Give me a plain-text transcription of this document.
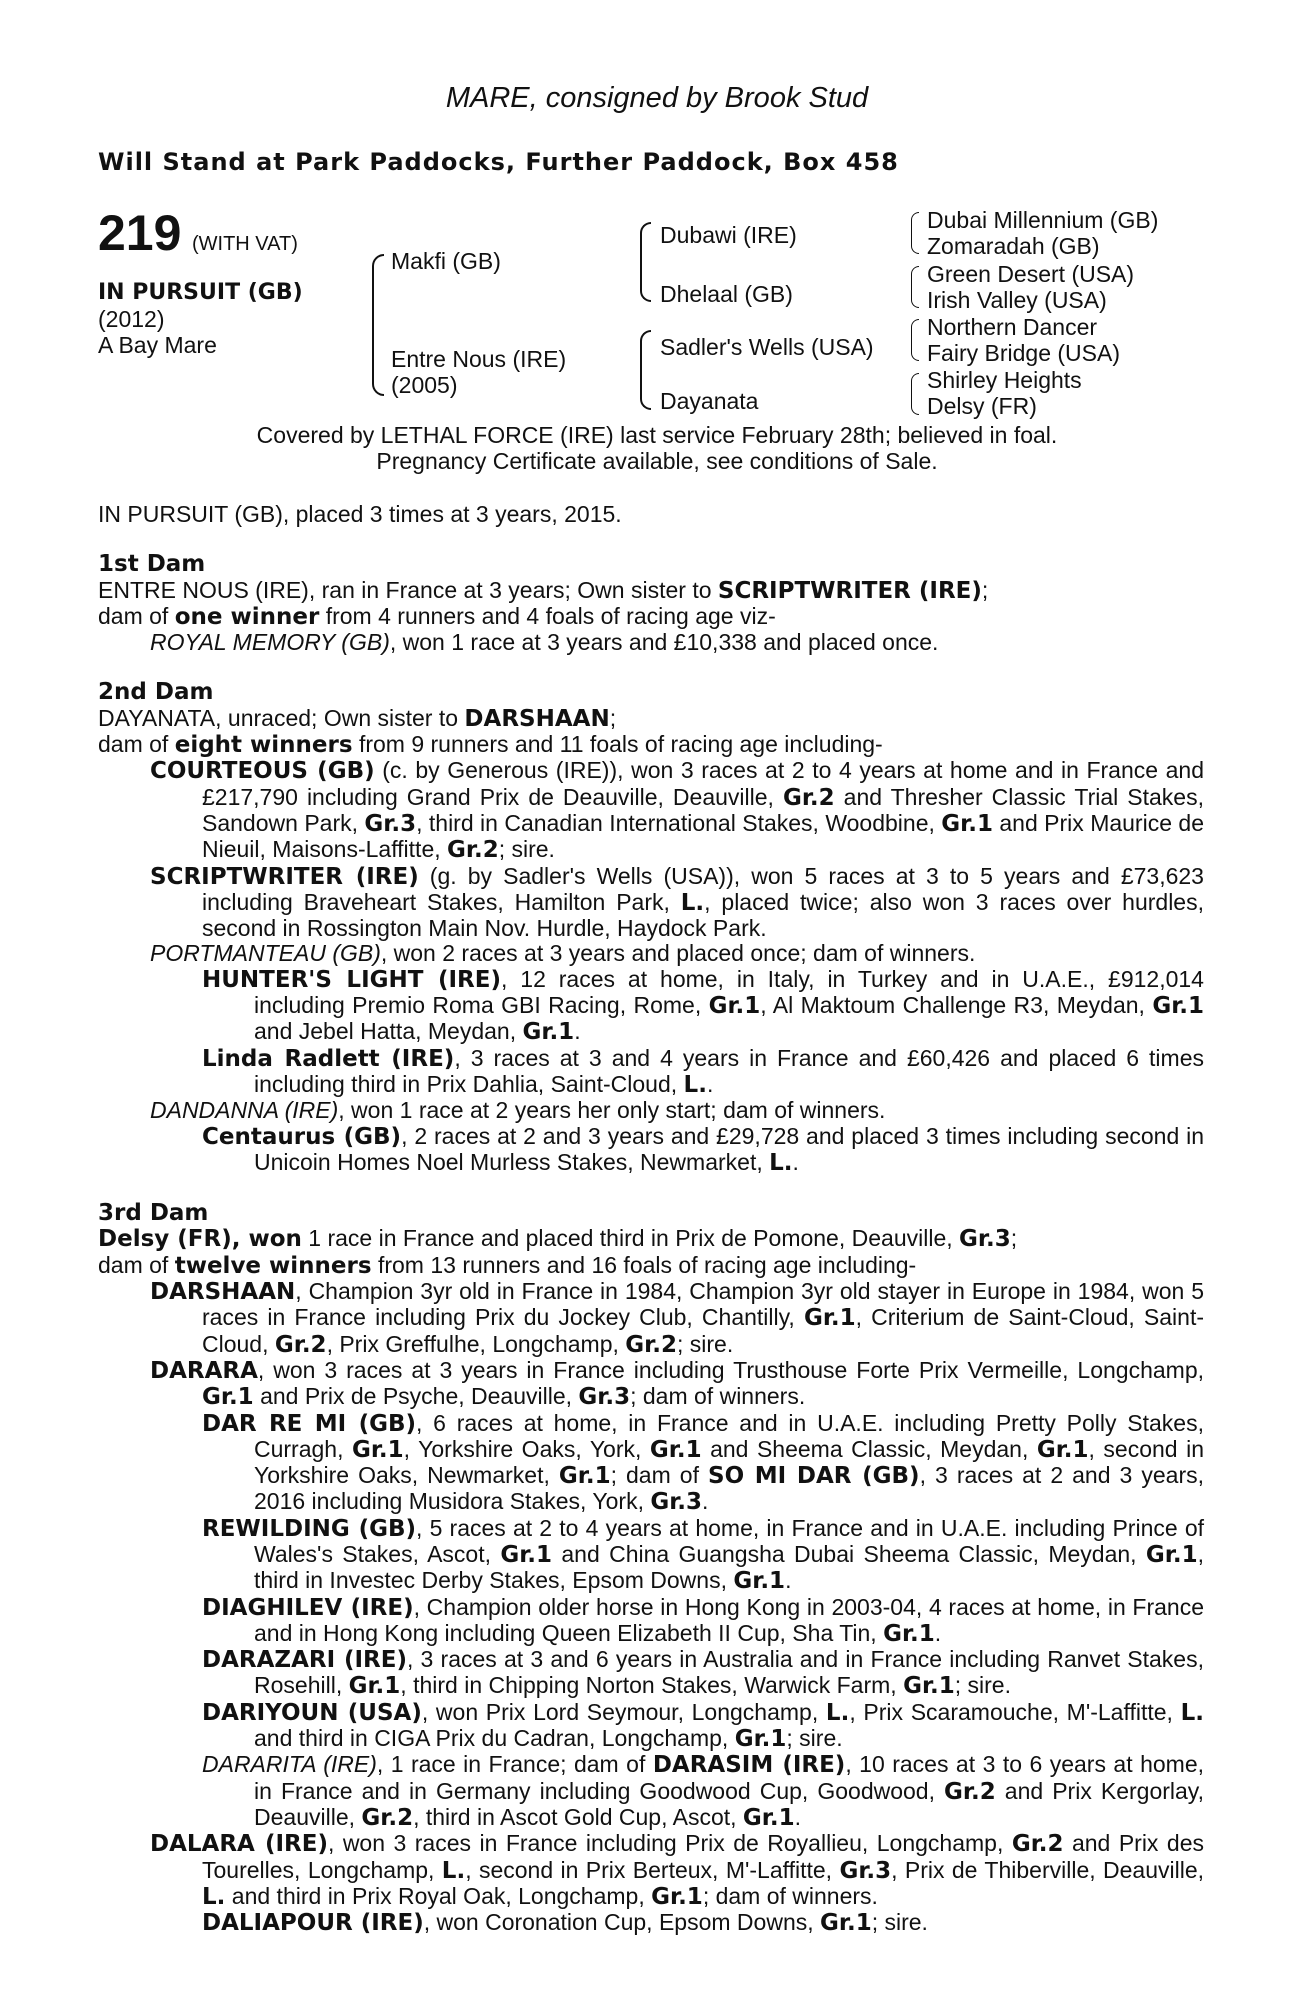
MARE, consigned by Brook Stud
Will Stand at Park Paddocks, Further Paddock, Box 458
219 (WITH VAT)
IN PURSUIT (GB)
(2012)
A Bay Mare
Makfi (GB)
Entre Nous (IRE)
(2005)
Dubawi (IRE)
Dhelaal (GB)
Sadler's Wells (USA)
Dayanata
Dubai Millennium (GB)
Zomaradah (GB)
Green Desert (USA)
Irish Valley (USA)
Northern Dancer
Fairy Bridge (USA)
Shirley Heights
Delsy (FR)
Covered by LETHAL FORCE (IRE) last service February 28th; believed in foal.
Pregnancy Certificate available, see conditions of Sale.

IN PURSUIT (GB), placed 3 times at 3 years, 2015.

1st Dam

ENTRE NOUS (IRE), ran in France at 3 years; Own sister to SCRIPTWRITER (IRE);

dam of one winner from 4 runners and 4 foals of racing age viz-

ROYAL MEMORY (GB), won 1 race at 3 years and £10,338 and placed once.

2nd Dam

DAYANATA, unraced; Own sister to DARSHAAN;

dam of eight winners from 9 runners and 11 foals of racing age including-

COURTEOUS (GB) (c. by Generous (IRE)), won 3 races at 2 to 4 years at home and in France and £217,790 including Grand Prix de Deauville, Deauville, Gr.2 and Thresher Classic Trial Stakes, Sandown Park, Gr.3, third in Canadian International Stakes, Woodbine, Gr.1 and Prix Maurice de Nieuil, Maisons-Laffitte, Gr.2; sire.

SCRIPTWRITER (IRE) (g. by Sadler's Wells (USA)), won 5 races at 3 to 5 years and £73,623 including Braveheart Stakes, Hamilton Park, L., placed twice; also won 3 races over hurdles, second in Rossington Main Nov. Hurdle, Haydock Park.

PORTMANTEAU (GB), won 2 races at 3 years and placed once; dam of winners.

HUNTER'S LIGHT (IRE), 12 races at home, in Italy, in Turkey and in U.A.E., £912,014 including Premio Roma GBI Racing, Rome, Gr.1, Al Maktoum Challenge R3, Meydan, Gr.1 and Jebel Hatta, Meydan, Gr.1.

Linda Radlett (IRE), 3 races at 3 and 4 years in France and £60,426 and placed 6 times including third in Prix Dahlia, Saint-Cloud, L..

DANDANNA (IRE), won 1 race at 2 years her only start; dam of winners.

Centaurus (GB), 2 races at 2 and 3 years and £29,728 and placed 3 times including second in Unicoin Homes Noel Murless Stakes, Newmarket, L..

3rd Dam

Delsy (FR), won 1 race in France and placed third in Prix de Pomone, Deauville, Gr.3;

dam of twelve winners from 13 runners and 16 foals of racing age including-

DARSHAAN, Champion 3yr old in France in 1984, Champion 3yr old stayer in Europe in 1984, won 5 races in France including Prix du Jockey Club, Chantilly, Gr.1, Criterium de Saint-Cloud, Saint-Cloud, Gr.2, Prix Greffulhe, Longchamp, Gr.2; sire.

DARARA, won 3 races at 3 years in France including Trusthouse Forte Prix Vermeille, Longchamp, Gr.1 and Prix de Psyche, Deauville, Gr.3; dam of winners.

DAR RE MI (GB), 6 races at home, in France and in U.A.E. including Pretty Polly Stakes, Curragh, Gr.1, Yorkshire Oaks, York, Gr.1 and Sheema Classic, Meydan, Gr.1, second in Yorkshire Oaks, Newmarket, Gr.1; dam of SO MI DAR (GB), 3 races at 2 and 3 years, 2016 including Musidora Stakes, York, Gr.3.

REWILDING (GB), 5 races at 2 to 4 years at home, in France and in U.A.E. including Prince of Wales's Stakes, Ascot, Gr.1 and China Guangsha Dubai Sheema Classic, Meydan, Gr.1, third in Investec Derby Stakes, Epsom Downs, Gr.1.

DIAGHILEV (IRE), Champion older horse in Hong Kong in 2003-04, 4 races at home, in France and in Hong Kong including Queen Elizabeth II Cup, Sha Tin, Gr.1.

DARAZARI (IRE), 3 races at 3 and 6 years in Australia and in France including Ranvet Stakes, Rosehill, Gr.1, third in Chipping Norton Stakes, Warwick Farm, Gr.1; sire.

DARIYOUN (USA), won Prix Lord Seymour, Longchamp, L., Prix Scaramouche, M'-Laffitte, L. and third in CIGA Prix du Cadran, Longchamp, Gr.1; sire.

DARARITA (IRE), 1 race in France; dam of DARASIM (IRE), 10 races at 3 to 6 years at home, in France and in Germany including Goodwood Cup, Goodwood, Gr.2 and Prix Kergorlay, Deauville, Gr.2, third in Ascot Gold Cup, Ascot, Gr.1.

DALARA (IRE), won 3 races in France including Prix de Royallieu, Longchamp, Gr.2 and Prix des Tourelles, Longchamp, L., second in Prix Berteux, M'-Laffitte, Gr.3, Prix de Thiberville, Deauville, L. and third in Prix Royal Oak, Longchamp, Gr.1; dam of winners.

DALIAPOUR (IRE), won Coronation Cup, Epsom Downs, Gr.1; sire.
